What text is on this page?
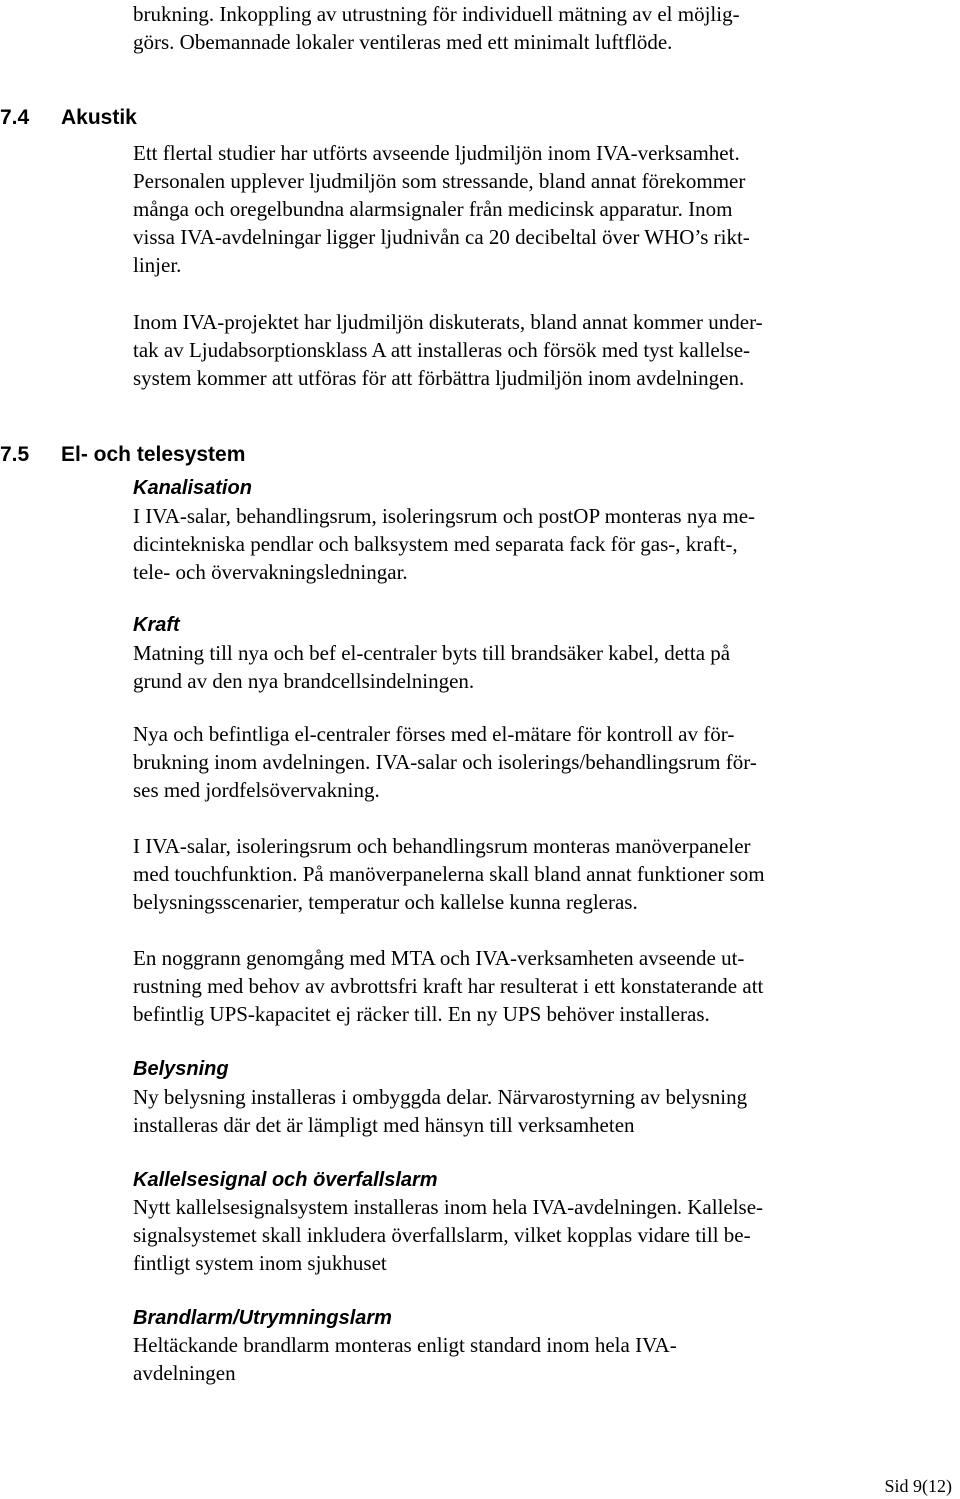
brukning. Inkoppling av utrustning för individuell mätning av el möjlig-
görs. Obemannade lokaler ventileras med ett minimalt luftflöde.
7.4 Akustik
Ett flertal studier har utförts avseende ljudmiljön inom IVA-verksamhet.
Personalen upplever ljudmiljön som stressande, bland annat förekommer
många och oregelbundna alarmsignaler från medicinsk apparatur. Inom
vissa IVA-avdelningar ligger ljudnivån ca 20 decibeltal över WHO’s rikt-
linjer.
Inom IVA-projektet har ljudmiljön diskuterats, bland annat kommer under-
tak av Ljudabsorptionsklass A att installeras och försök med tyst kallelse-
system kommer att utföras för att förbättra ljudmiljön inom avdelningen.
7.5 El- och telesystem
Kanalisation
I IVA-salar, behandlingsrum, isoleringsrum och postOP monteras nya me-
dicintekniska pendlar och balksystem med separata fack för gas-, kraft-,
tele- och övervakningsledningar.
Kraft
Matning till nya och bef el-centraler byts till brandsäker kabel, detta på
grund av den nya brandcellsindelningen.
Nya och befintliga el-centraler förses med el-mätare för kontroll av för-
brukning inom avdelningen. IVA-salar och isolerings/behandlingsrum för-
ses med jordfelsövervakning.
I IVA-salar, isoleringsrum och behandlingsrum monteras manöverpaneler
med touchfunktion. På manöverpanelerna skall bland annat funktioner som
belysningsscenarier, temperatur och kallelse kunna regleras.
En noggrann genomgång med MTA och IVA-verksamheten avseende ut-
rustning med behov av avbrottsfri kraft har resulterat i ett konstaterande att
befintlig UPS-kapacitet ej räcker till. En ny UPS behöver installeras.
Belysning
Ny belysning installeras i ombyggda delar. Närvarostyrning av belysning
installeras där det är lämpligt med hänsyn till verksamheten
Kallelsesignal och överfallslarm
Nytt kallelsesignalsystem installeras inom hela IVA-avdelningen. Kallelse-
signalsystemet skall inkludera överfallslarm, vilket kopplas vidare till be-
fintligt system inom sjukhuset
Brandlarm/Utrymningslarm
Heltäckande brandlarm monteras enligt standard inom hela IVA-
avdelningen
Sid 9(12)
